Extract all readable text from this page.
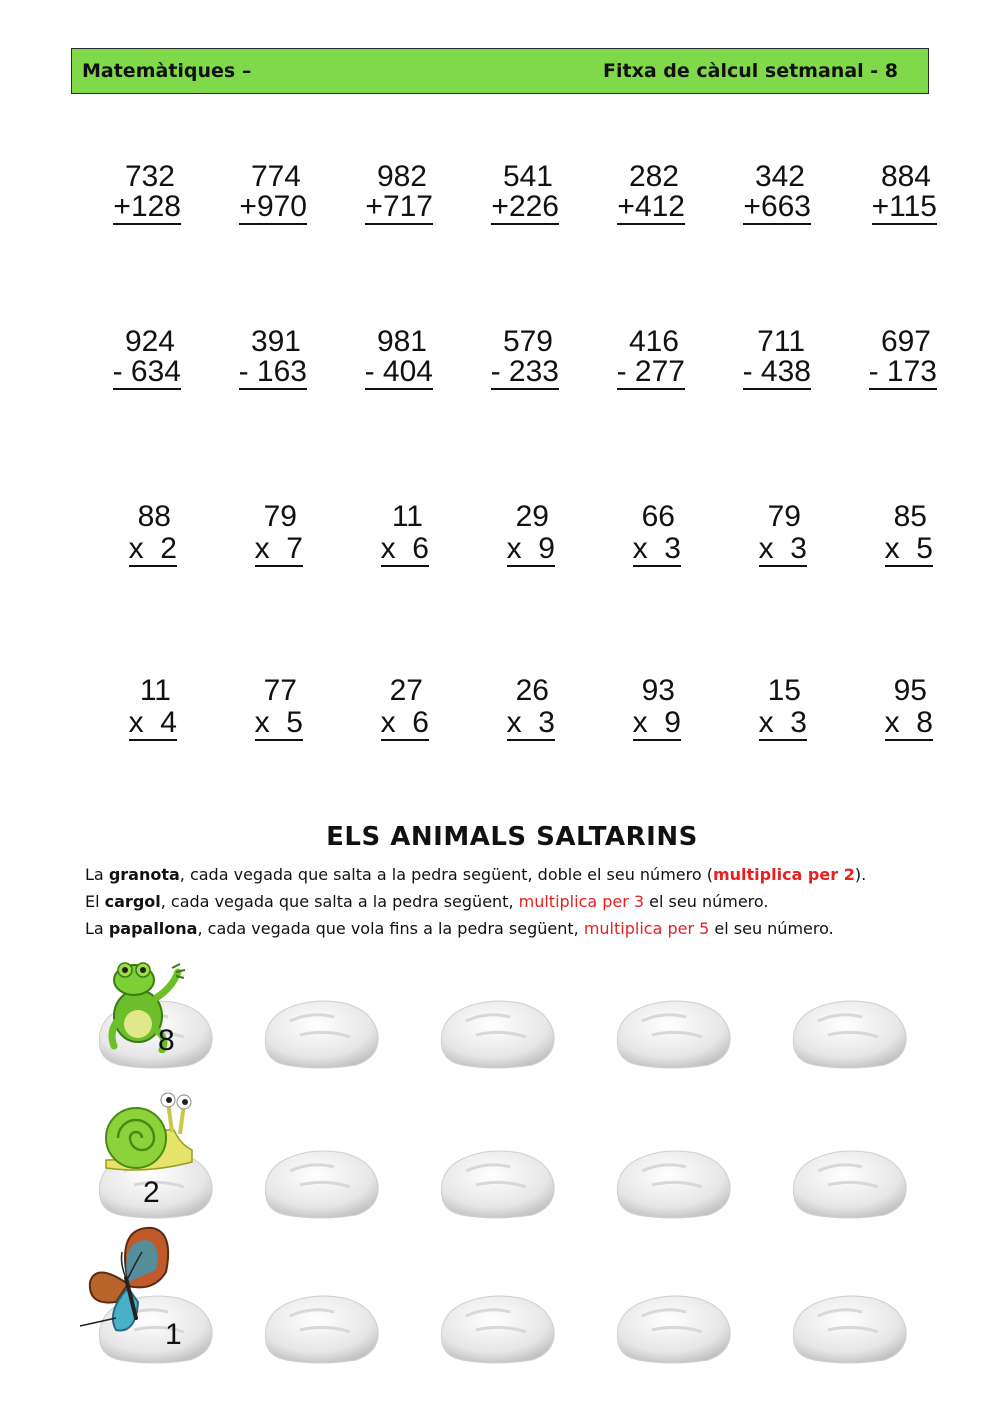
Matemàtiques –	Fitxa de càlcul setmanal - 8
732
+128
774
+970
982
+717
541
+226
282
+412
342
+663
884
+115
924
- 634
391
- 163
981
- 404
579
- 233
416
- 277
711
- 438
697
- 173
88
x  2
79
x  7
11
x  6
29
x  9
66
x  3
79
x  3
85
x  5
11
x  4
77
x  5
27
x  6
26
x  3
93
x  9
15
x  3
95
x  8
ELS ANIMALS SALTARINS
La granota, cada vegada que salta a la pedra següent, doble el seu número (multiplica per 2).
El cargol, cada vegada que salta a la pedra següent, multiplica per 3 el seu número.
La papallona, cada vegada que vola fins a la pedra següent, multiplica per 5 el seu número.
8
2
1
